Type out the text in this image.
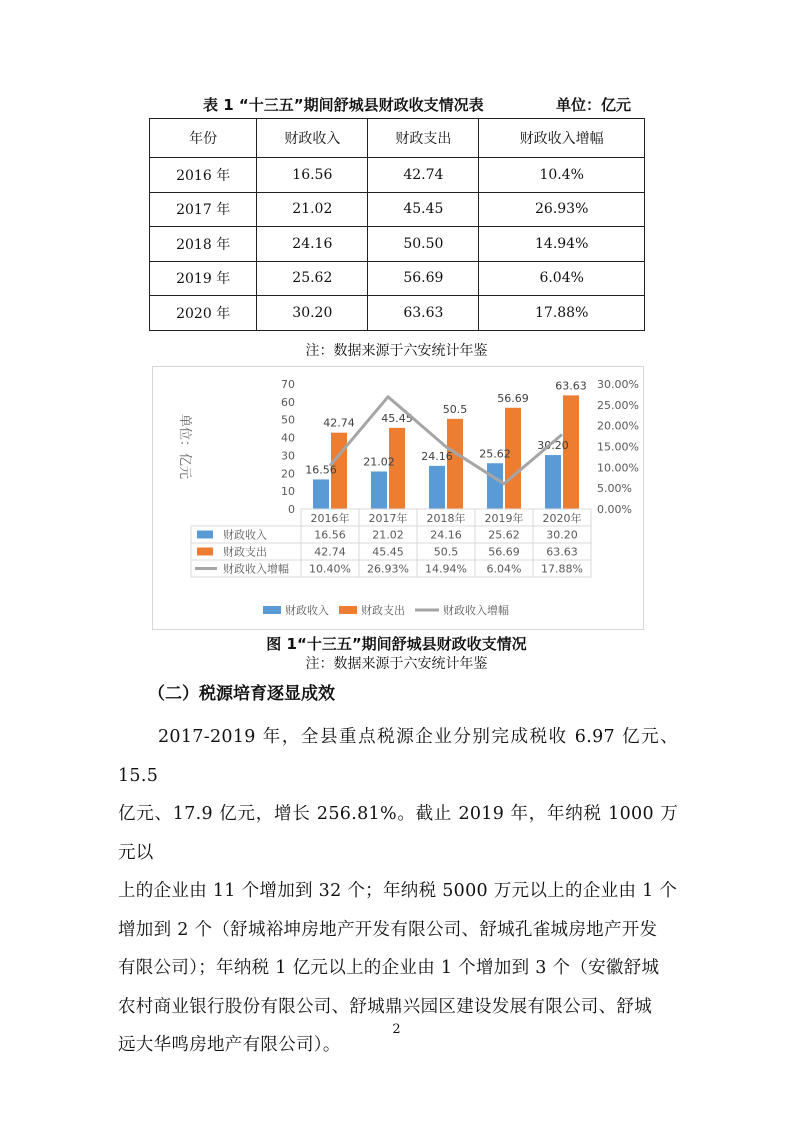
表 1 “十三五”期间舒城县财政收支情况表	单位：亿元
年份	财政收入	财政支出	财政收入增幅
2016 年	16.56	42.74	10.4%
2017 年	21.02	45.45	26.93%
2018 年	24.16	50.50	14.94%
2019 年	25.62	56.69	6.04%
2020 年	30.20	63.63	17.88%
注：数据来源于六安统计年鉴
单位：亿元
0
10
20
30
40
50
60
70
0.00%
5.00%
10.00%
15.00%
20.00%
25.00%
30.00%
16.56
42.74
21.02
45.45
24.16
50.5
25.62
56.69
30.20
63.63
2016年 2017年 2018年 2019年 2020年
财政收入	16.56 21.02 24.16 25.62 30.20
财政支出	42.74 45.45	50.5	56.69 63.63
财政收入增幅 10.40% 26.93% 14.94% 6.04% 17.88%
财政收入	财政支出	财政收入增幅
图 1“十三五”期间舒城县财政收支情况
注：数据来源于六安统计年鉴
（二）税源培育逐显成效
2017-2019 年，全县重点税源企业分别完成税收 6.97 亿元、15.5
亿元、17.9 亿元，增长 256.81%。截止 2019 年，年纳税 1000 万元以
上的企业由 11 个增加到 32 个；年纳税 5000 万元以上的企业由 1 个
增加到 2 个（舒城裕坤房地产开发有限公司、舒城孔雀城房地产开发
有限公司）；年纳税 1 亿元以上的企业由 1 个增加到 3 个（安徽舒城
农村商业银行股份有限公司、舒城鼎兴园区建设发展有限公司、舒城
远大华鸣房地产有限公司）。
2
